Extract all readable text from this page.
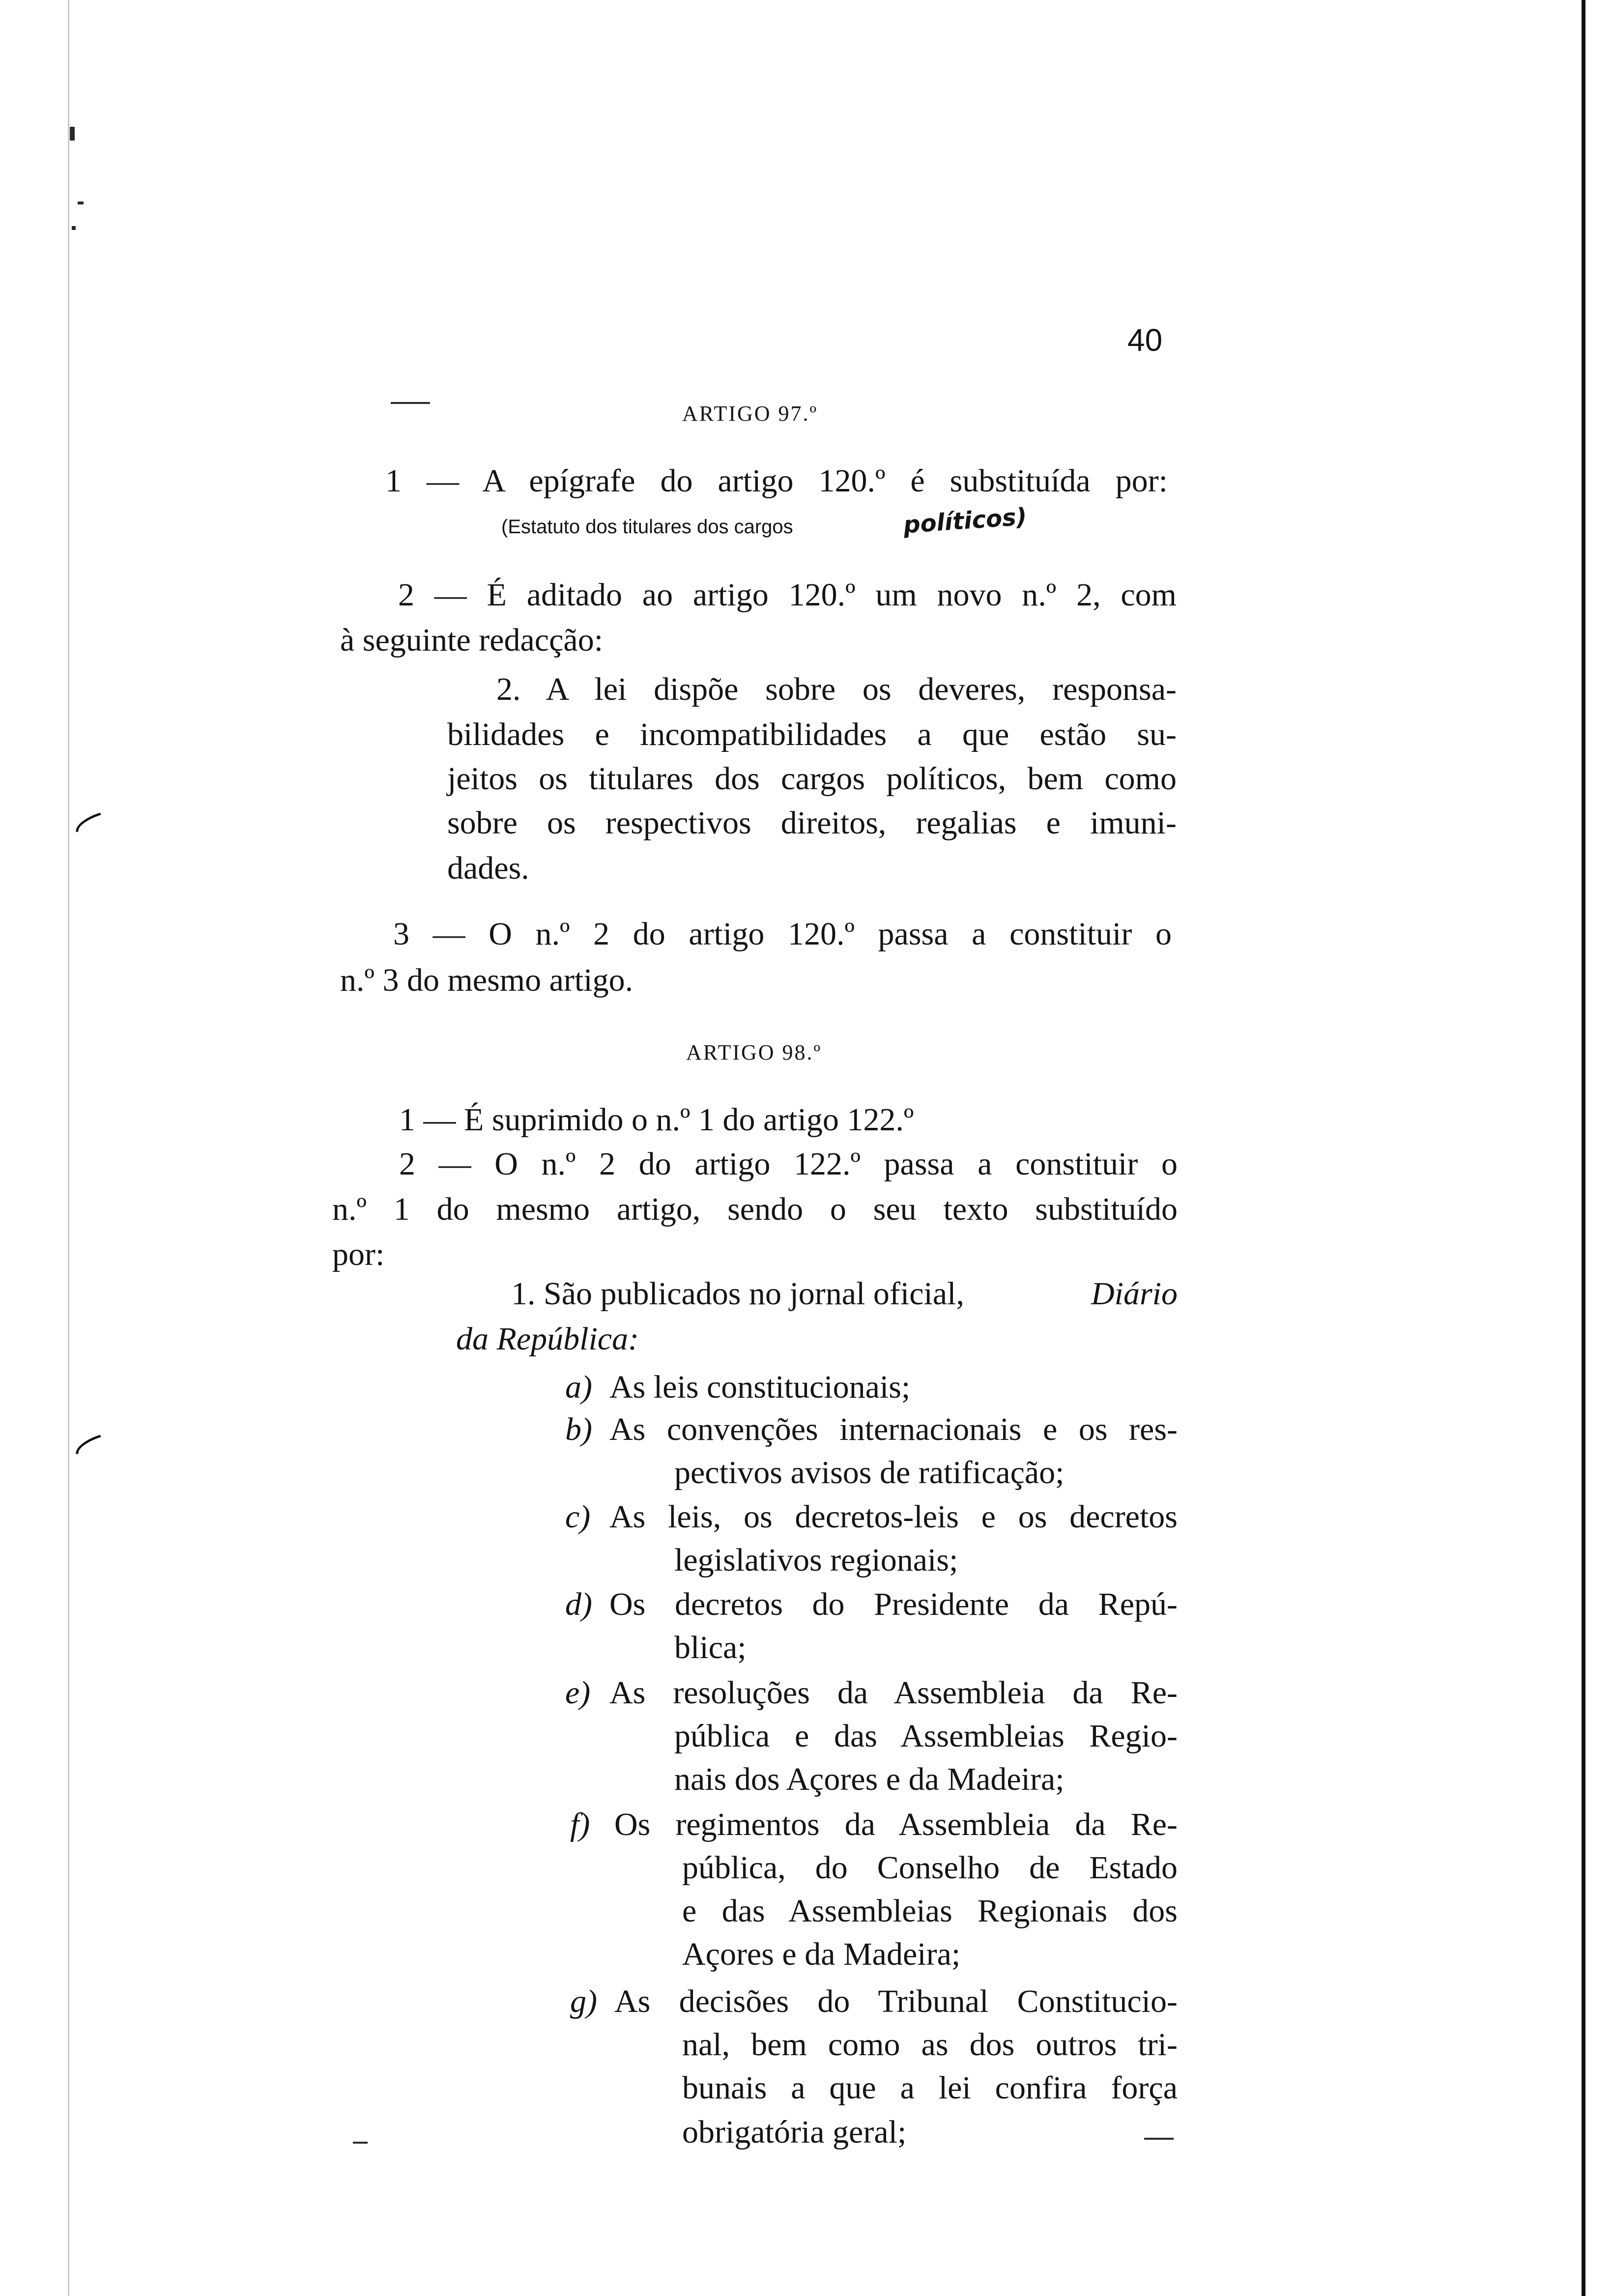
40
ARTIGO 97.º
1 — A epígrafe do artigo 120.º é substituída por:
(Estatuto dos titulares dos cargos	políticos)
2 — É aditado ao artigo 120.º um novo n.º 2, com
à seguinte redacção:
2. A lei dispõe sobre os deveres, responsa-
bilidades e incompatibilidades a que estão su-
jeitos os titulares dos cargos políticos, bem como
sobre os respectivos direitos, regalias e imuni-
dades.
3 — O n.º 2 do artigo 120.º passa a constituir o
n.º 3 do mesmo artigo.
ARTIGO 98.º
1 — É suprimido o n.º 1 do artigo 122.º
2 — O n.º 2 do artigo 122.º passa a constituir o
n.º 1 do mesmo artigo, sendo o seu texto substituído
por:
1. São publicados no jornal oficial,	Diário
da República:
a) As leis constitucionais;
b) As convenções internacionais e os res-
pectivos avisos de ratificação;
c) As leis, os decretos-leis e os decretos
legislativos regionais;
d) Os decretos do Presidente da Repú-
blica;
e) As resoluções da Assembleia da Re-
pública e das Assembleias Regio-
nais dos Açores e da Madeira;
f) Os regimentos da Assembleia da Re-
pública, do Conselho de Estado
e das Assembleias Regionais dos
Açores e da Madeira;
g) As decisões do Tribunal Constitucio-
nal, bem como as dos outros tri-
bunais a que a lei confira força
obrigatória geral;
